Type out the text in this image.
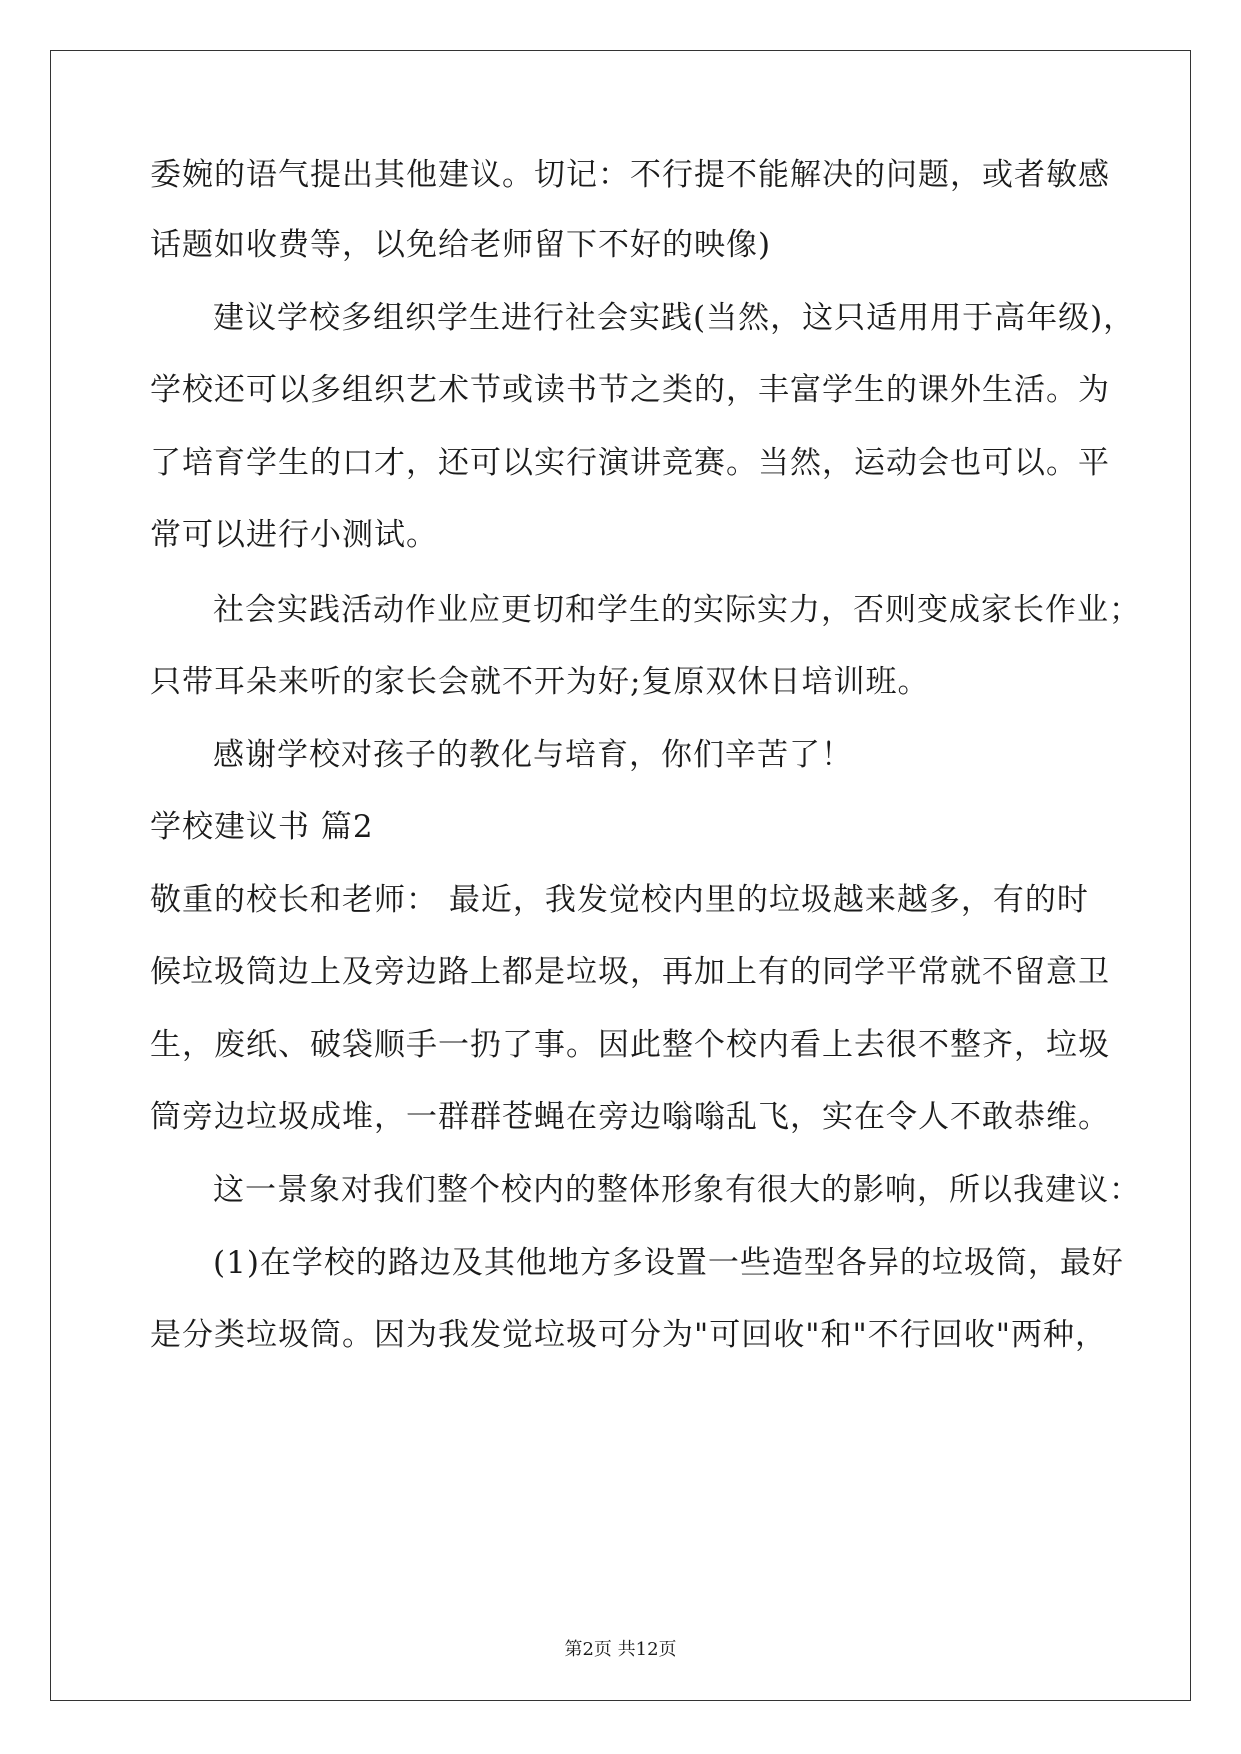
委婉的语气提出其他建议。切记：不行提不能解决的问题，或者敏感
话题如收费等，以免给老师留下不好的映像)
建议学校多组织学生进行社会实践(当然，这只适用用于高年级)，
学校还可以多组织艺术节或读书节之类的，丰富学生的课外生活。为
了培育学生的口才，还可以实行演讲竞赛。当然，运动会也可以。平
常可以进行小测试。
社会实践活动作业应更切和学生的实际实力，否则变成家长作业；
只带耳朵来听的家长会就不开为好;复原双休日培训班。
感谢学校对孩子的教化与培育，你们辛苦了！
学校建议书 篇2
敬重的校长和老师： 最近，我发觉校内里的垃圾越来越多，有的时
候垃圾筒边上及旁边路上都是垃圾，再加上有的同学平常就不留意卫
生，废纸、破袋顺手一扔了事。因此整个校内看上去很不整齐，垃圾
筒旁边垃圾成堆，一群群苍蝇在旁边嗡嗡乱飞，实在令人不敢恭维。
这一景象对我们整个校内的整体形象有很大的影响，所以我建议：
(1)在学校的路边及其他地方多设置一些造型各异的垃圾筒，最好
是分类垃圾筒。因为我发觉垃圾可分为"可回收"和"不行回收"两种，
第2页 共12页
